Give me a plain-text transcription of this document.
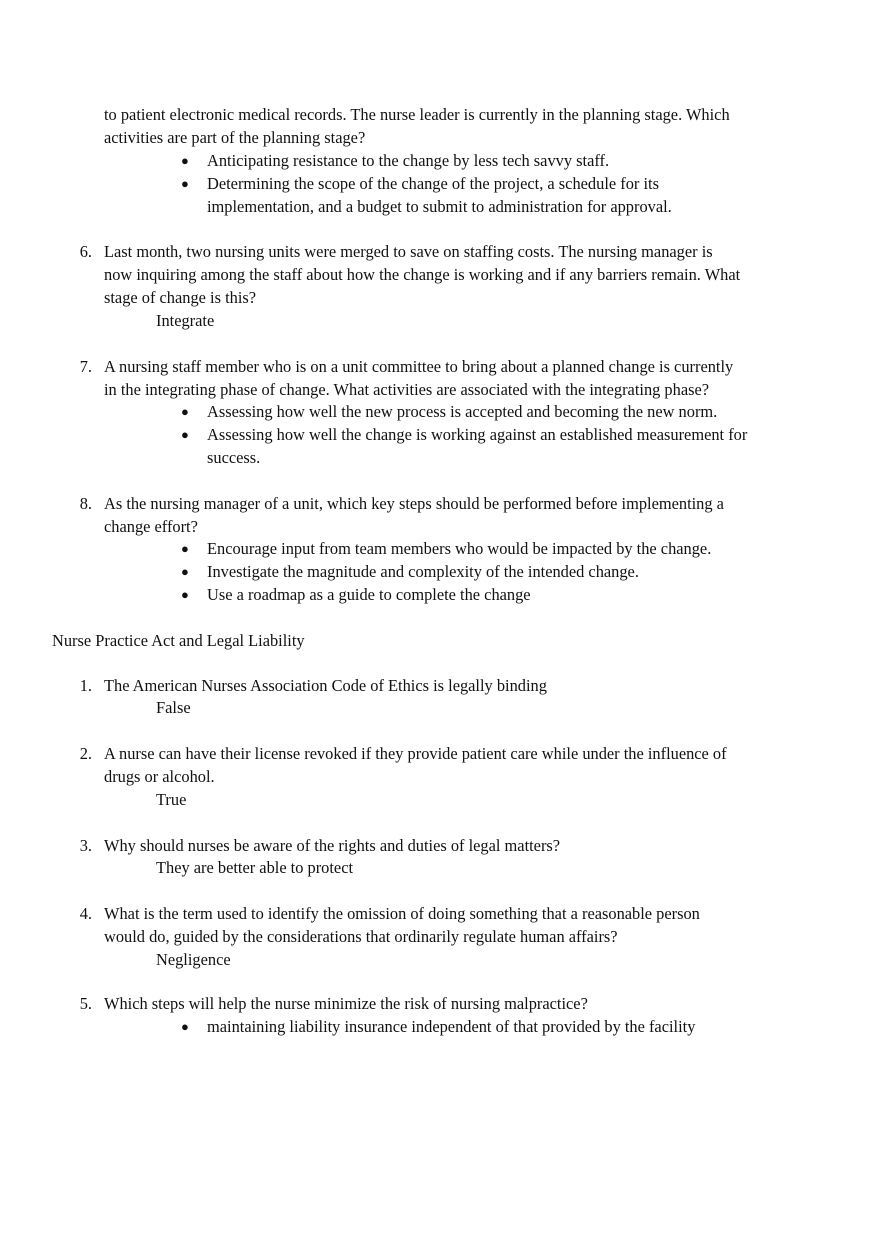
to patient electronic medical records. The nurse leader is currently in the planning stage. Which
activities are part of the planning stage?
● Anticipating resistance to the change by less tech savvy staff.
● Determining the scope of the change of the project, a schedule for its
implementation, and a budget to submit to administration for approval.
6. Last month, two nursing units were merged to save on staffing costs. The nursing manager is
now inquiring among the staff about how the change is working and if any barriers remain. What
stage of change is this?
Integrate
7. A nursing staff member who is on a unit committee to bring about a planned change is currently
in the integrating phase of change. What activities are associated with the integrating phase?
● Assessing how well the new process is accepted and becoming the new norm.
● Assessing how well the change is working against an established measurement for
success.
8. As the nursing manager of a unit, which key steps should be performed before implementing a
change effort?
● Encourage input from team members who would be impacted by the change.
● Investigate the magnitude and complexity of the intended change.
● Use a roadmap as a guide to complete the change
Nurse Practice Act and Legal Liability
1. The American Nurses Association Code of Ethics is legally binding
False
2. A nurse can have their license revoked if they provide patient care while under the influence of
drugs or alcohol.
True
3. Why should nurses be aware of the rights and duties of legal matters?
They are better able to protect
4. What is the term used to identify the omission of doing something that a reasonable person
would do, guided by the considerations that ordinarily regulate human affairs?
Negligence
5. Which steps will help the nurse minimize the risk of nursing malpractice?
● maintaining liability insurance independent of that provided by the facility
